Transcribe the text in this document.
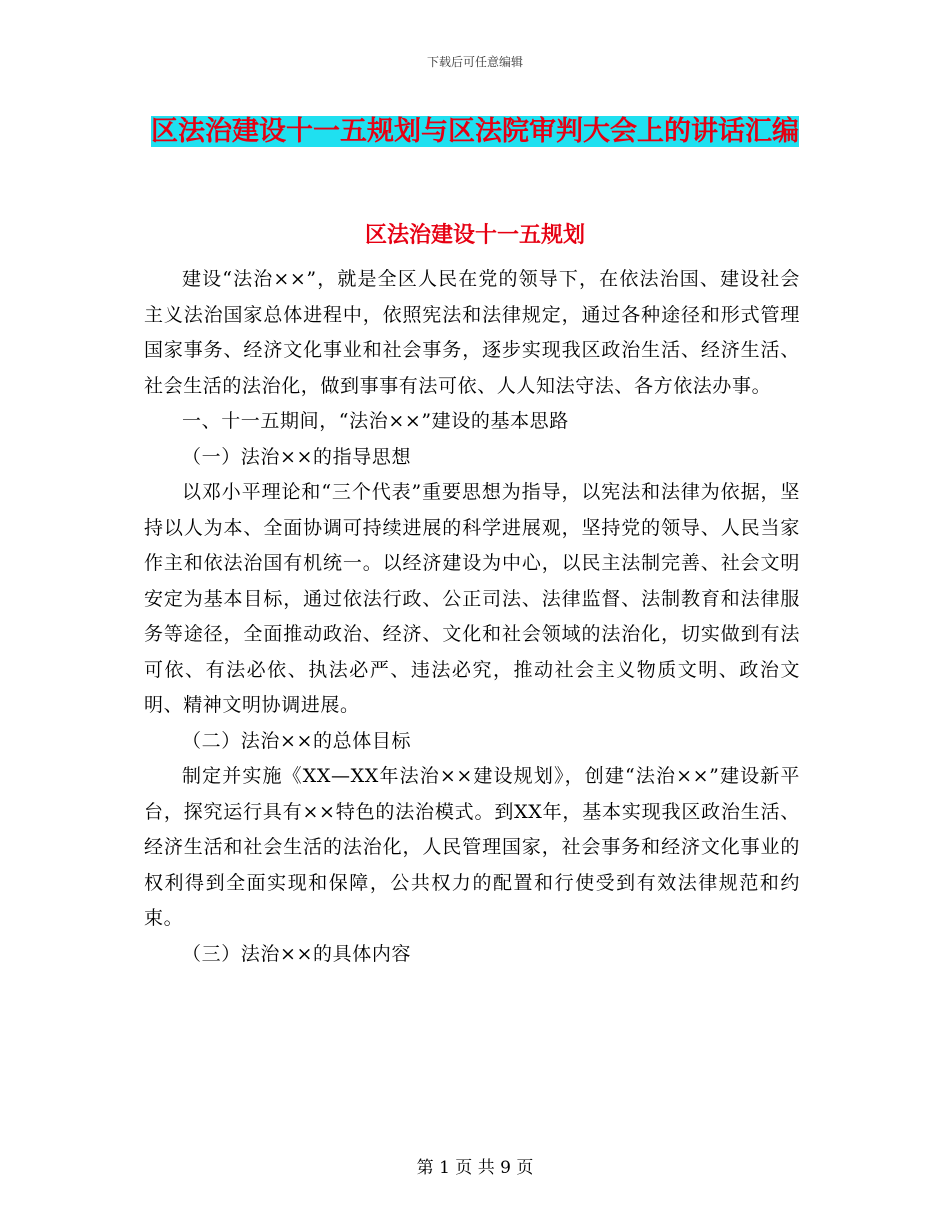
下载后可任意编辑
区法治建设十一五规划与区法院审判大会上的讲话汇编
区法治建设十一五规划

建设“法治××”，就是全区人民在党的领导下，在依法治国、建设社会主义法治国家总体进程中，依照宪法和法律规定，通过各种途径和形式管理国家事务、经济文化事业和社会事务，逐步实现我区政治生活、经济生活、社会生活的法治化，做到事事有法可依、人人知法守法、各方依法办事。

一、十一五期间，“法治××”建设的基本思路

（一）法治××的指导思想

以邓小平理论和“三个代表”重要思想为指导，以宪法和法律为依据，坚持以人为本、全面协调可持续进展的科学进展观，坚持党的领导、人民当家作主和依法治国有机统一。以经济建设为中心，以民主法制完善、社会文明安定为基本目标，通过依法行政、公正司法、法律监督、法制教育和法律服务等途径，全面推动政治、经济、文化和社会领域的法治化，切实做到有法可依、有法必依、执法必严、违法必究，推动社会主义物质文明、政治文明、精神文明协调进展。

（二）法治××的总体目标

制定并实施《XX—XX年法治××建设规划》，创建“法治××”建设新平台，探究运行具有××特色的法治模式。到XX年，基本实现我区政治生活、经济生活和社会生活的法治化，人民管理国家，社会事务和经济文化事业的权利得到全面实现和保障，公共权力的配置和行使受到有效法律规范和约束。

（三）法治××的具体内容

第 1 页 共 9 页
